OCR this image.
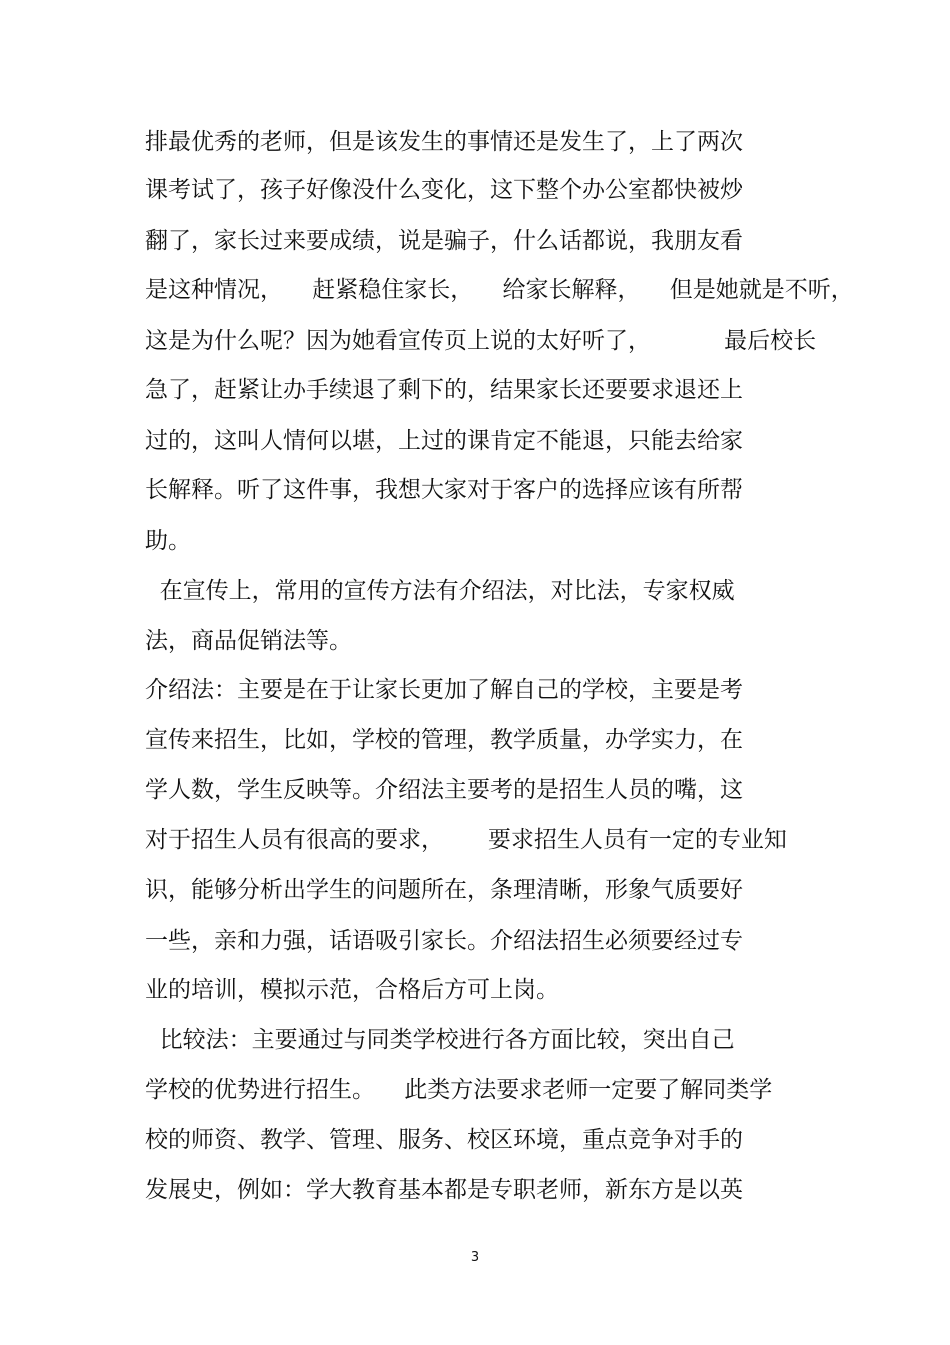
排最优秀的老师，但是该发生的事情还是发生了，上了两次
课考试了，孩子好像没什么变化，这下整个办公室都快被炒
翻了，家长过来要成绩，说是骗子，什么话都说，我朋友看
是这种情况，    赶紧稳住家长，    给家长解释，    但是她就是不听，
这是为什么呢？因为她看宣传页上说的太好听了，          最后校长
急了，赶紧让办手续退了剩下的，结果家长还要要求退还上
过的，这叫人情何以堪，上过的课肯定不能退，只能去给家
长解释。听了这件事，我想大家对于客户的选择应该有所帮
助。
在宣传上，常用的宣传方法有介绍法，对比法，专家权威
法，商品促销法等。
介绍法：主要是在于让家长更加了解自己的学校，主要是考
宣传来招生，比如，学校的管理，教学质量，办学实力，在
学人数，学生反映等。介绍法主要考的是招生人员的嘴，这
对于招生人员有很高的要求，      要求招生人员有一定的专业知
识，能够分析出学生的问题所在，条理清晰，形象气质要好
一些，亲和力强，话语吸引家长。介绍法招生必须要经过专
业的培训，模拟示范，合格后方可上岗。
比较法：主要通过与同类学校进行各方面比较，突出自己
学校的优势进行招生。    此类方法要求老师一定要了解同类学
校的师资、教学、管理、服务、校区环境，重点竞争对手的
发展史，例如：学大教育基本都是专职老师，新东方是以英
3
